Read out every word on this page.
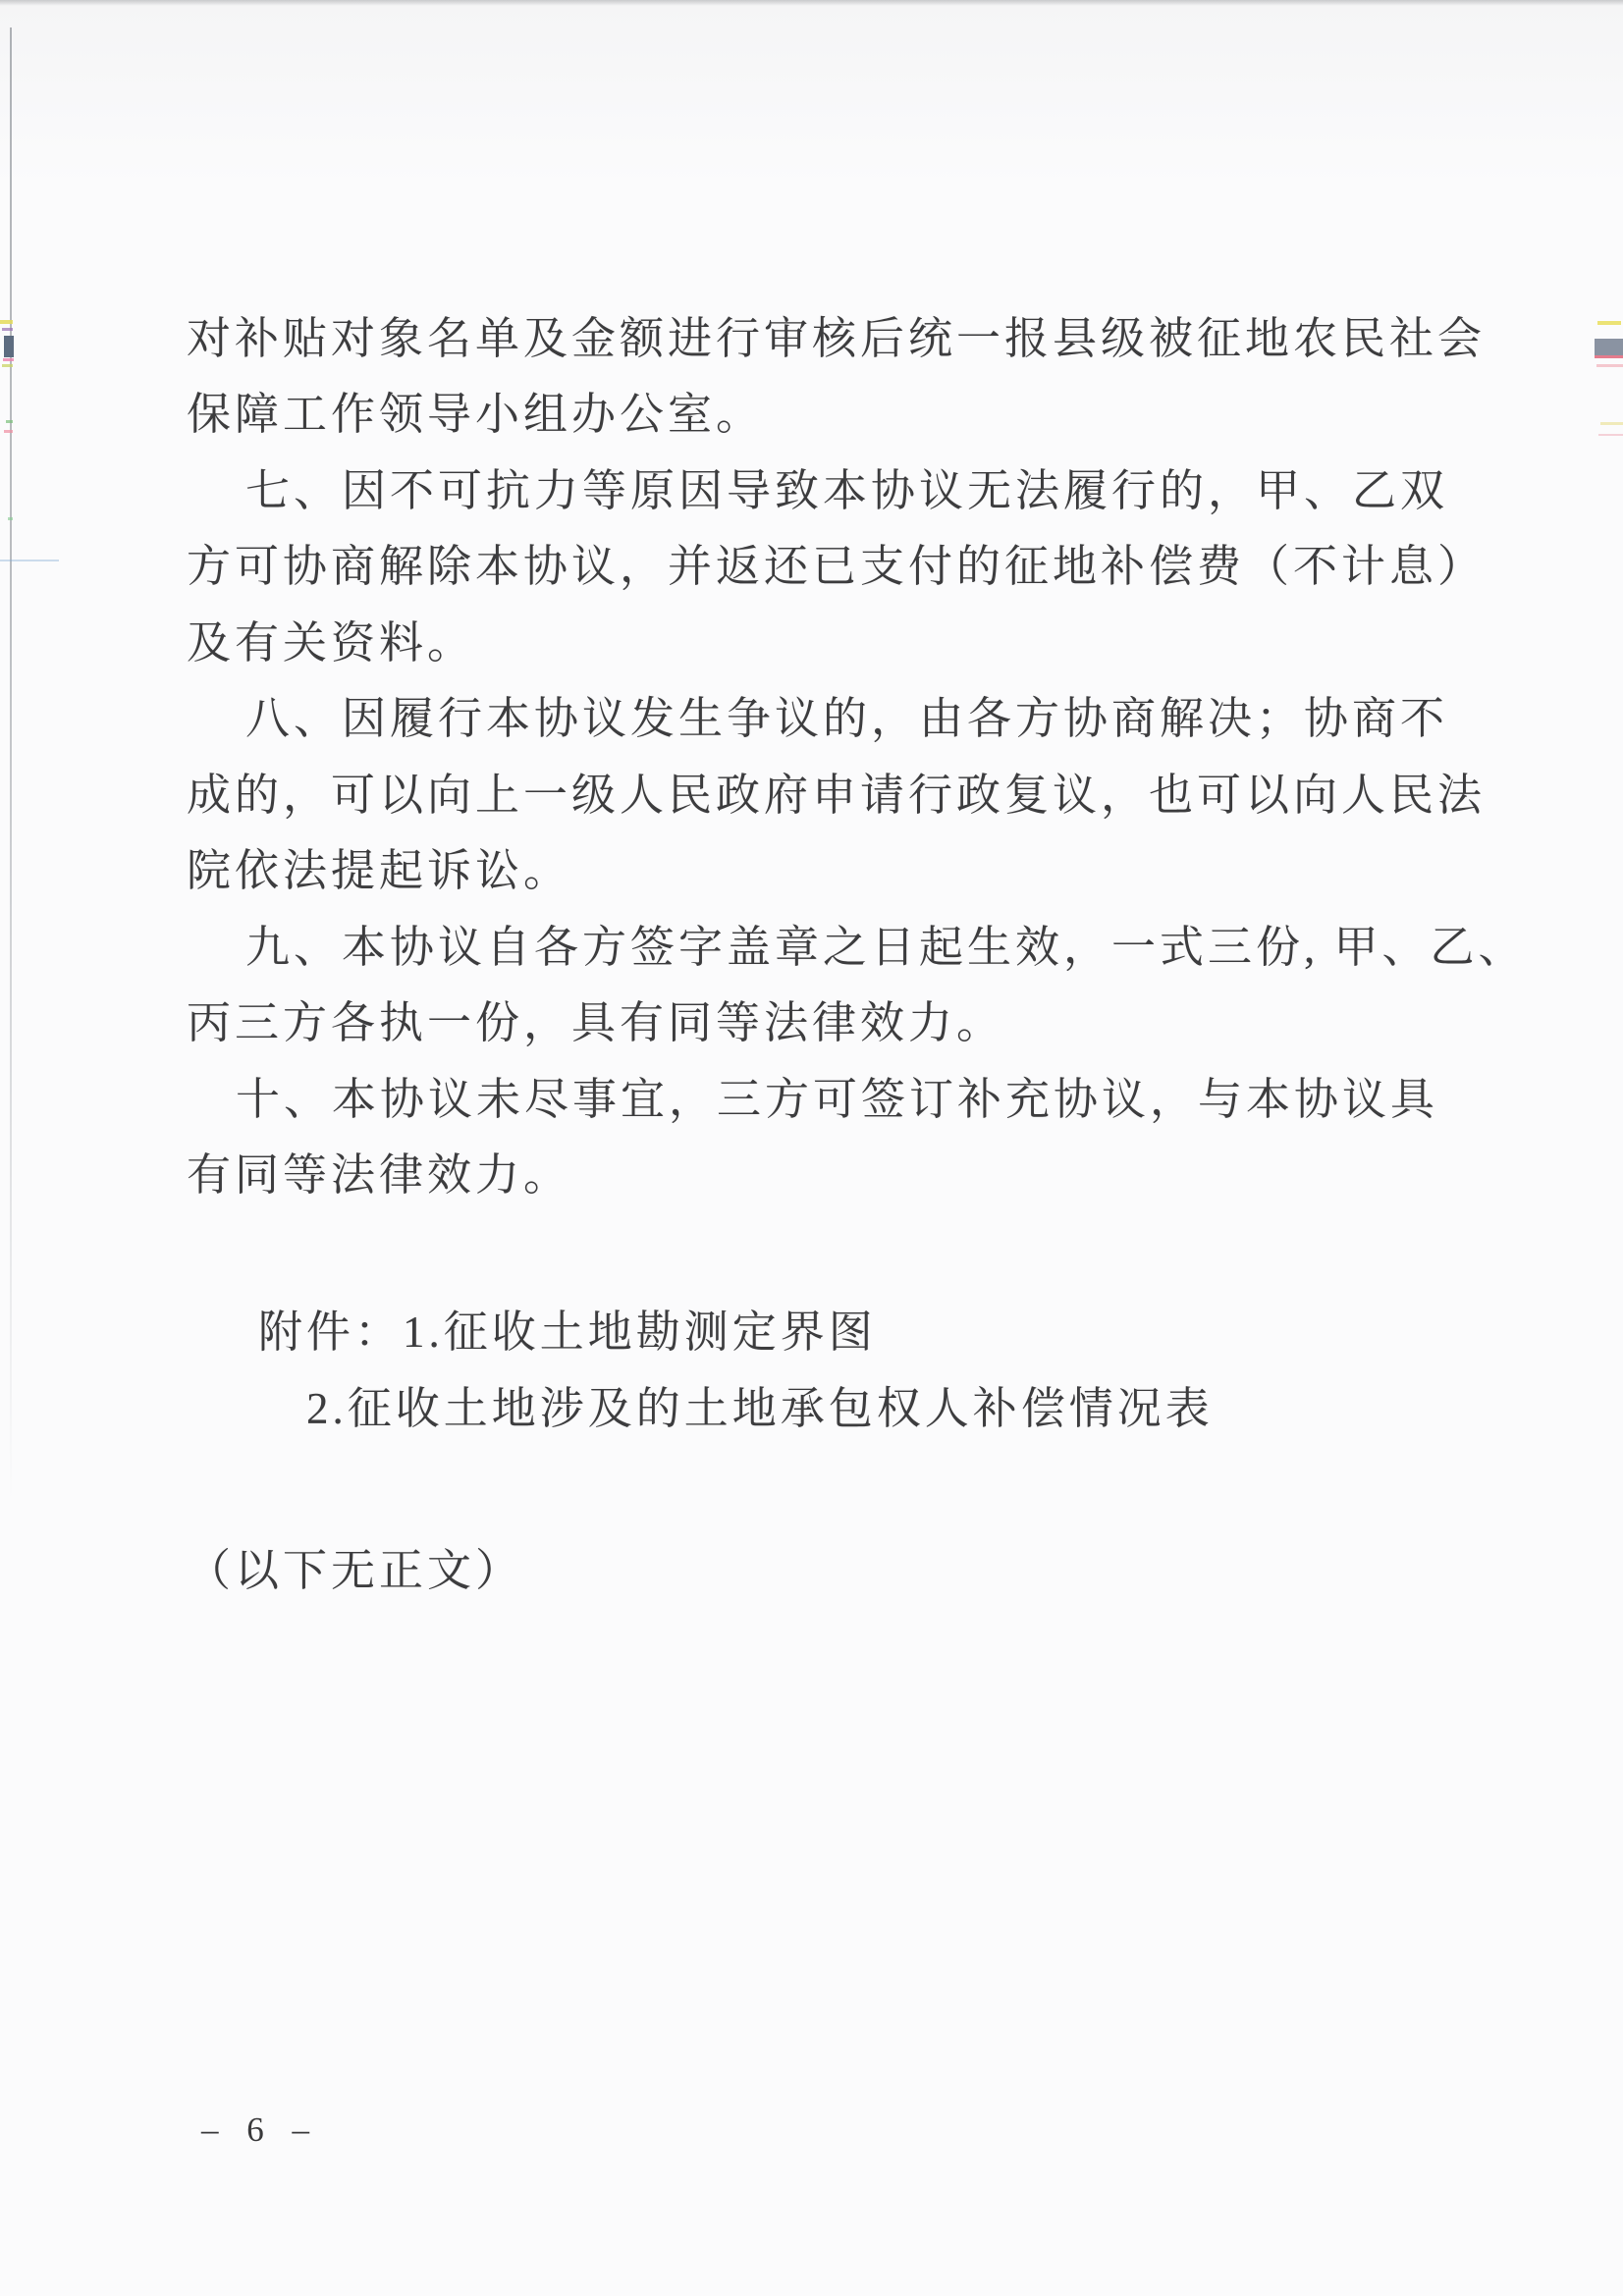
对补贴对象名单及金额进行审核后统一报县级被征地农民社会
保障工作领导小组办公室。
七、因不可抗力等原因导致本协议无法履行的，甲、乙双
方可协商解除本协议，并返还已支付的征地补偿费（不计息）
及有关资料。
八、因履行本协议发生争议的，由各方协商解决；协商不
成的，可以向上一级人民政府申请行政复议，也可以向人民法
院依法提起诉讼。
九、本协议自各方签字盖章之日起生效，一式三份, 甲、乙、
丙三方各执一份，具有同等法律效力。
十、本协议未尽事宜，三方可签订补充协议，与本协议具
有同等法律效力。
附件：1.征收土地勘测定界图
2.征收土地涉及的土地承包权人补偿情况表
（以下无正文）
– 6 –
